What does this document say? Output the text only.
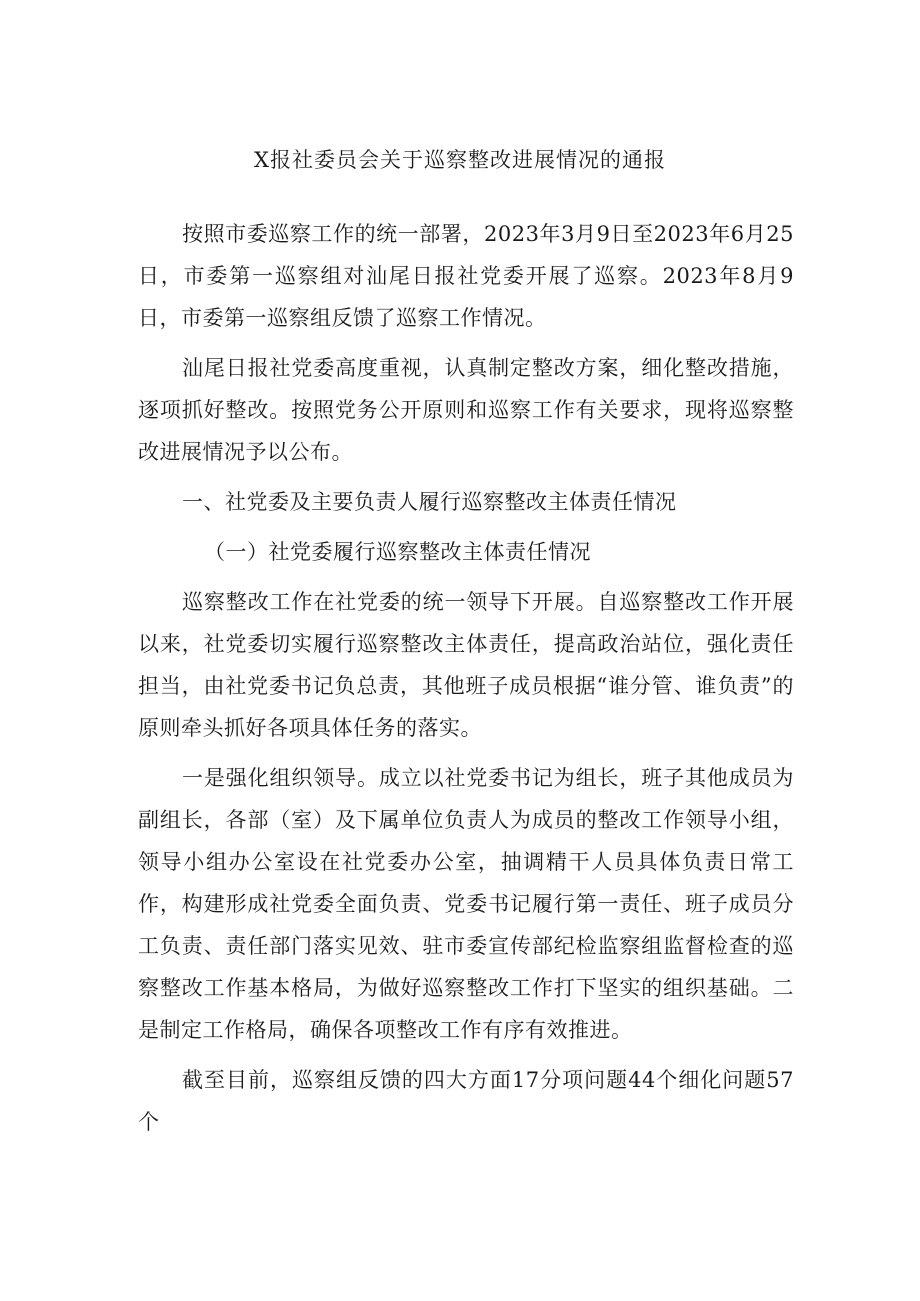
X报社委员会关于巡察整改进展情况的通报

按照市委巡察工作的统一部署，2023年3月9日至2023年6月25日，市委第一巡察组对汕尾日报社党委开展了巡察。2023年8月9日，市委第一巡察组反馈了巡察工作情况。

汕尾日报社党委高度重视，认真制定整改方案，细化整改措施，逐项抓好整改。按照党务公开原则和巡察工作有关要求，现将巡察整改进展情况予以公布。

一、社党委及主要负责人履行巡察整改主体责任情况

（一）社党委履行巡察整改主体责任情况

巡察整改工作在社党委的统一领导下开展。自巡察整改工作开展以来，社党委切实履行巡察整改主体责任，提高政治站位，强化责任担当，由社党委书记负总责，其他班子成员根据“谁分管、谁负责”的原则牵头抓好各项具体任务的落实。

一是强化组织领导。成立以社党委书记为组长，班子其他成员为副组长，各部（室）及下属单位负责人为成员的整改工作领导小组，领导小组办公室设在社党委办公室，抽调精干人员具体负责日常工作，构建形成社党委全面负责、党委书记履行第一责任、班子成员分工负责、责任部门落实见效、驻市委宣传部纪检监察组监督检查的巡察整改工作基本格局，为做好巡察整改工作打下坚实的组织基础。二是制定工作格局，确保各项整改工作有序有效推进。

截至目前，巡察组反馈的四大方面17分项问题44个细化问题57个
